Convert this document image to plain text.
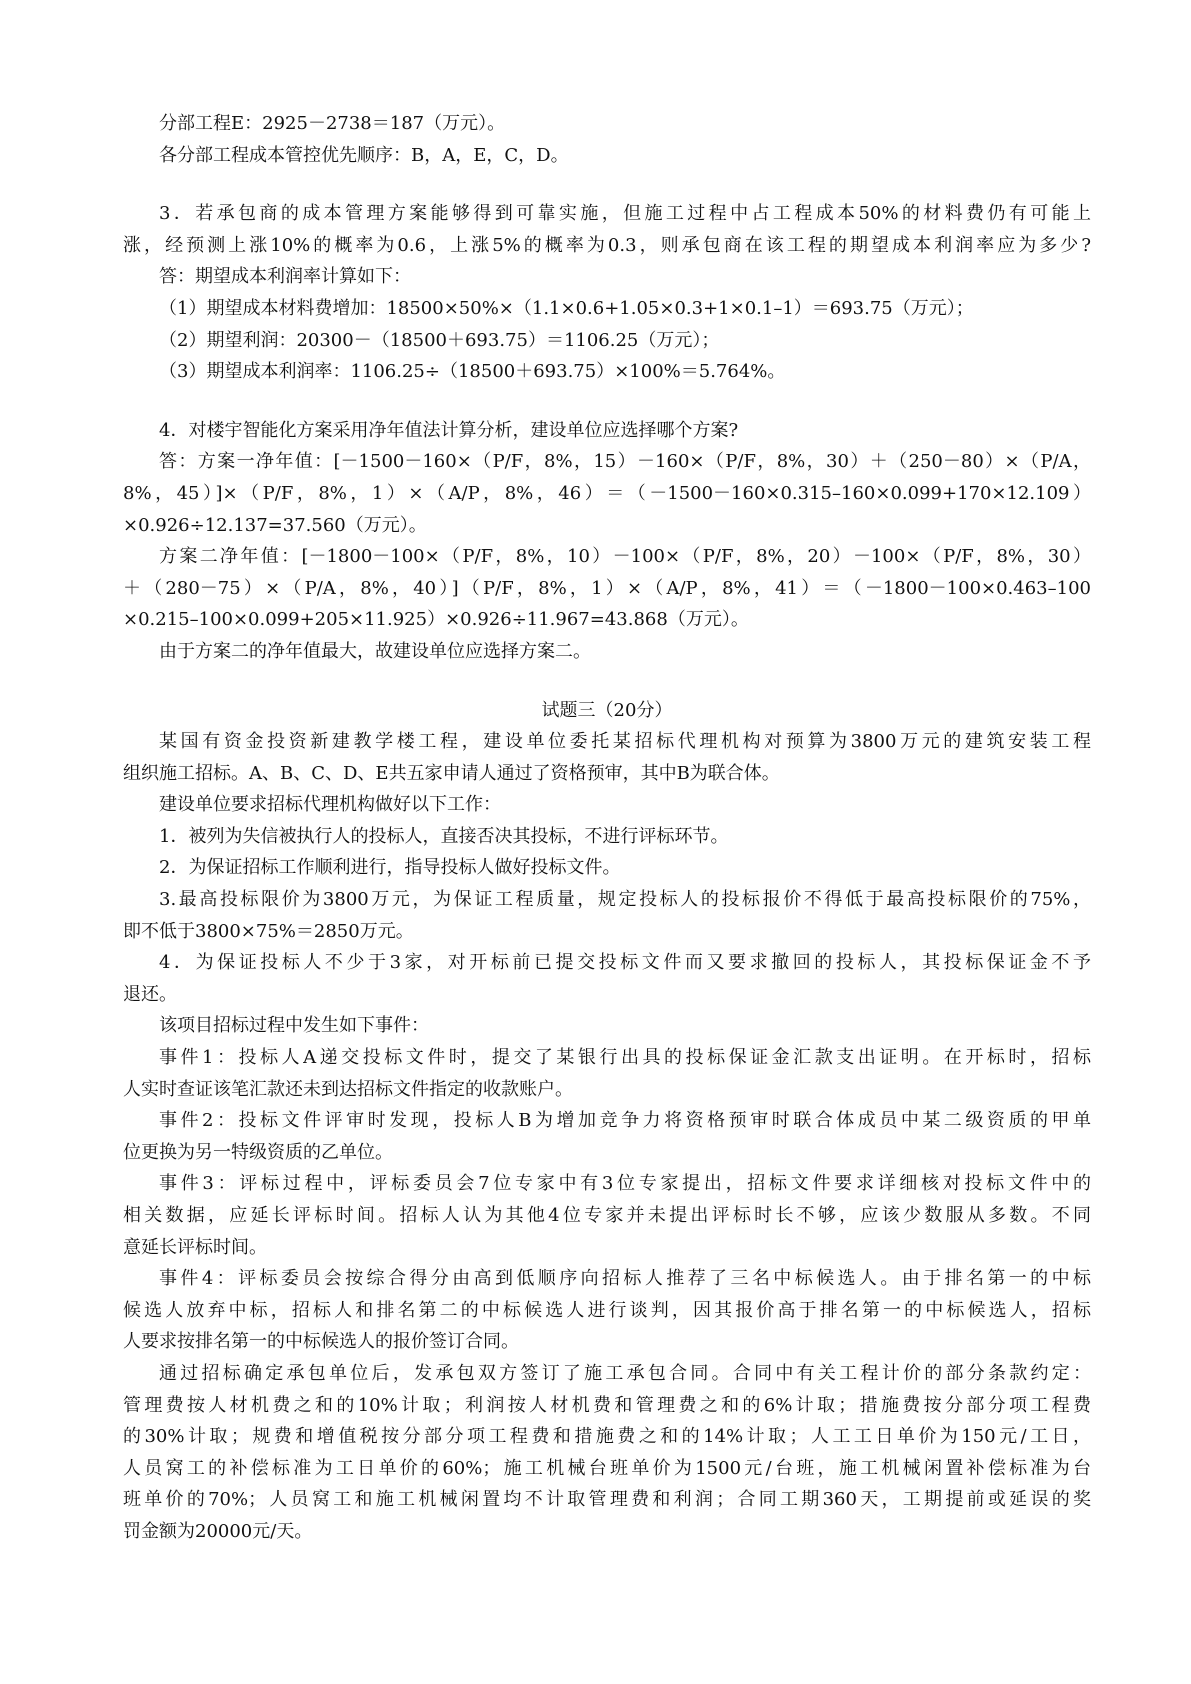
分部工程E：2925－2738＝187（万元）。
各分部工程成本管控优先顺序：B，A，E，C，D。
3．若承包商的成本管理方案能够得到可靠实施，但施工过程中占工程成本50%的材料费仍有可能上
涨，经预测上涨10%的概率为0.6，上涨5%的概率为0.3，则承包商在该工程的期望成本利润率应为多少?
答：期望成本利润率计算如下：
（1）期望成本材料费增加：18500×50%×（1.1×0.6+1.05×0.3+1×0.1–1）＝693.75（万元）；
（2）期望利润：20300－（18500＋693.75）＝1106.25（万元）；
（3）期望成本利润率：1106.25÷（18500＋693.75）×100%＝5.764%。
4．对楼宇智能化方案采用净年值法计算分析，建设单位应选择哪个方案?
答：方案一净年值：[－1500－160×（P/F，8%，15）－160×（P/F，8%，30）＋（250－80）×（P/A，
8%，45）]×（P/F，8%，1）×（A/P，8%，46）＝（－1500－160×0.315–160×0.099+170×12.109）
×0.926÷12.137=37.560（万元）。
方案二净年值：[－1800－100×（P/F，8%，10）－100×（P/F，8%，20）－100×（P/F，8%，30）
＋（280－75）×（P/A，8%，40）]（P/F，8%，1）×（A/P，8%，41）＝（－1800－100×0.463–100
×0.215–100×0.099+205×11.925）×0.926÷11.967=43.868（万元）。
由于方案二的净年值最大，故建设单位应选择方案二。
试题三（20分）
某国有资金投资新建教学楼工程，建设单位委托某招标代理机构对预算为3800万元的建筑安装工程
组织施工招标。A、B、C、D、E共五家申请人通过了资格预审，其中B为联合体。
建设单位要求招标代理机构做好以下工作：
1．被列为失信被执行人的投标人，直接否决其投标，不进行评标环节。
2．为保证招标工作顺利进行，指导投标人做好投标文件。
3.最高投标限价为3800万元，为保证工程质量，规定投标人的投标报价不得低于最高投标限价的75%，
即不低于3800×75%＝2850万元。
4．为保证投标人不少于3家，对开标前已提交投标文件而又要求撤回的投标人，其投标保证金不予
退还。
该项目招标过程中发生如下事件：
事件1：投标人A递交投标文件时，提交了某银行出具的投标保证金汇款支出证明。在开标时，招标
人实时查证该笔汇款还未到达招标文件指定的收款账户。
事件2：投标文件评审时发现，投标人B为增加竞争力将资格预审时联合体成员中某二级资质的甲单
位更换为另一特级资质的乙单位。
事件3：评标过程中，评标委员会7位专家中有3位专家提出，招标文件要求详细核对投标文件中的
相关数据，应延长评标时间。招标人认为其他4位专家并未提出评标时长不够，应该少数服从多数。不同
意延长评标时间。
事件4：评标委员会按综合得分由高到低顺序向招标人推荐了三名中标候选人。由于排名第一的中标
候选人放弃中标，招标人和排名第二的中标候选人进行谈判，因其报价高于排名第一的中标候选人，招标
人要求按排名第一的中标候选人的报价签订合同。
通过招标确定承包单位后，发承包双方签订了施工承包合同。合同中有关工程计价的部分条款约定：
管理费按人材机费之和的10%计取；利润按人材机费和管理费之和的6%计取；措施费按分部分项工程费
的30%计取；规费和增值税按分部分项工程费和措施费之和的14%计取；人工工日单价为150元/工日，
人员窝工的补偿标准为工日单价的60%；施工机械台班单价为1500元/台班，施工机械闲置补偿标准为台
班单价的70%；人员窝工和施工机械闲置均不计取管理费和利润；合同工期360天，工期提前或延误的奖
罚金额为20000元/天。
